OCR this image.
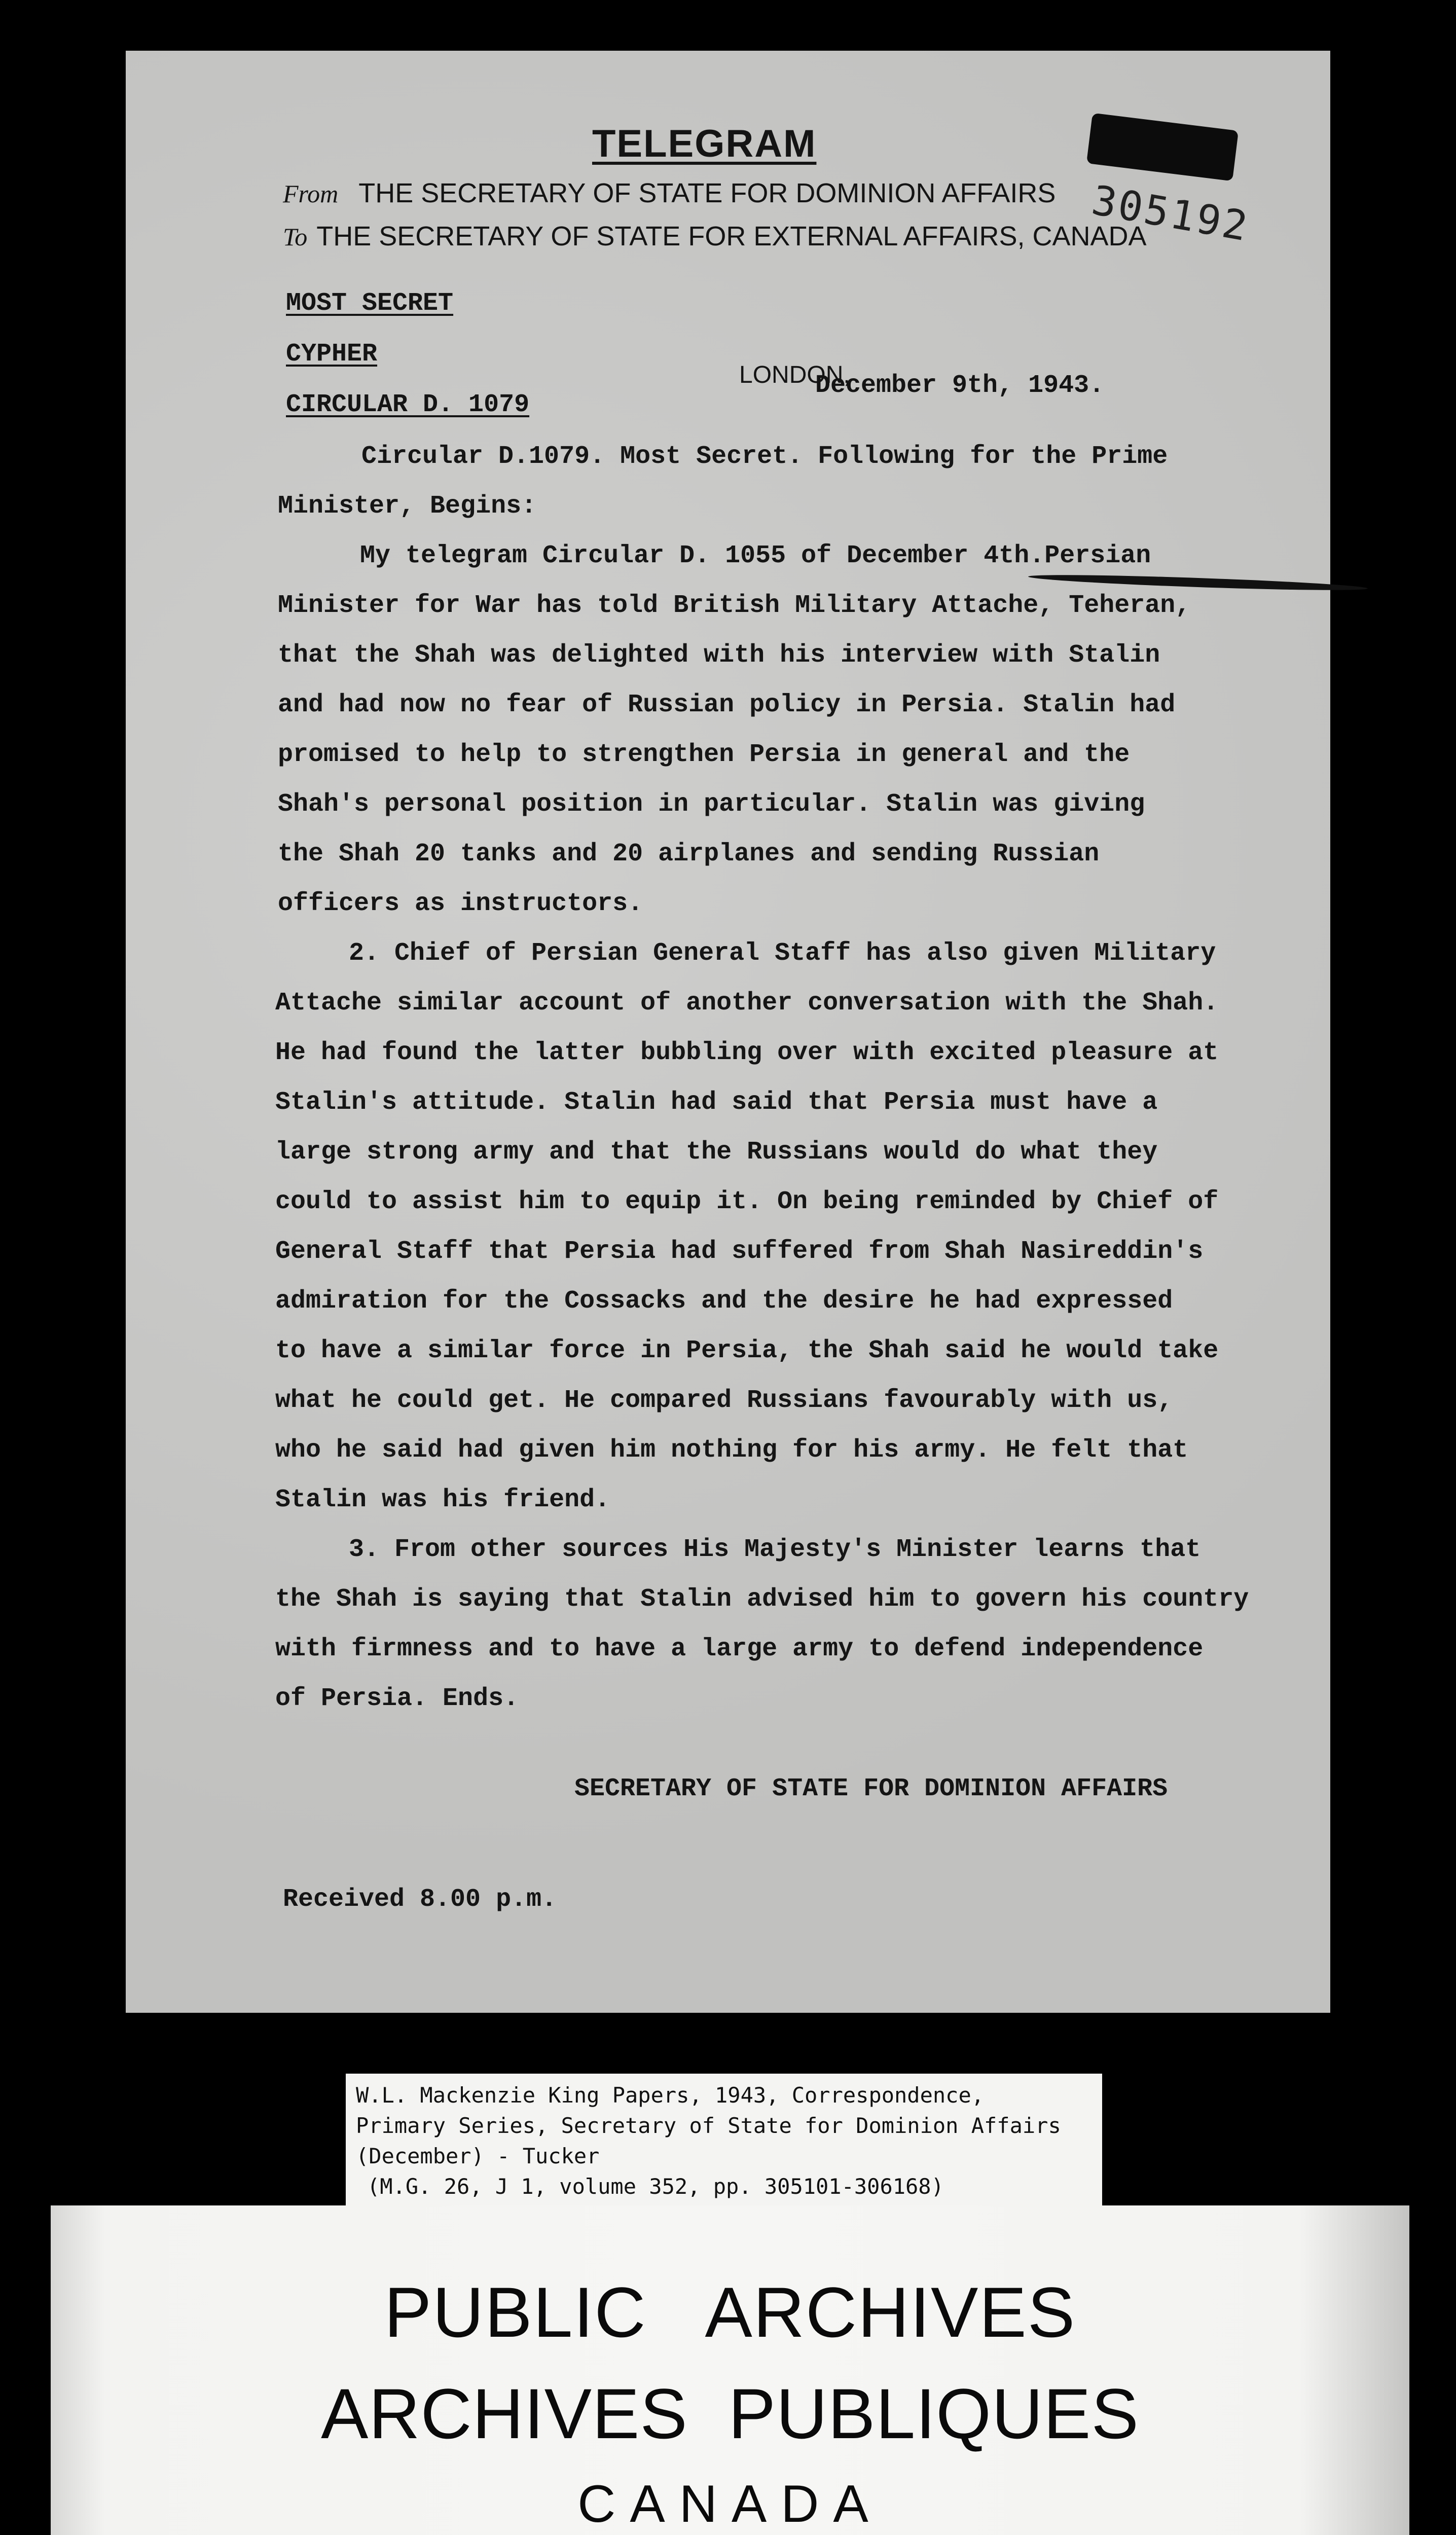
TELEGRAM
305192
From THE SECRETARY OF STATE FOR DOMINION AFFAIRS
To THE SECRETARY OF STATE FOR EXTERNAL AFFAIRS, CANADA
MOST SECRET
CYPHER
CIRCULAR D. 1079
LONDON,
December 9th, 1943.
Circular D.1079. Most Secret. Following for the Prime
Minister, Begins:
My telegram Circular D. 1055 of December 4th.Persian
Minister for War has told British Military Attache, Teheran,
that the Shah was delighted with his interview with Stalin
and had now no fear of Russian policy in Persia. Stalin had
promised to help to strengthen Persia in general and the
Shah's personal position in particular. Stalin was giving
the Shah 20 tanks and 20 airplanes and sending Russian
officers as instructors.
2. Chief of Persian General Staff has also given Military
Attache similar account of another conversation with the Shah.
He had found the latter bubbling over with excited pleasure at
Stalin's attitude. Stalin had said that Persia must have a
large strong army and that the Russians would do what they
could to assist him to equip it. On being reminded by Chief of
General Staff that Persia had suffered from Shah Nasireddin's
admiration for the Cossacks and the desire he had expressed
to have a similar force in Persia, the Shah said he would take
what he could get. He compared Russians favourably with us,
who he said had given him nothing for his army. He felt that
Stalin was his friend.
3. From other sources His Majesty's Minister learns that
the Shah is saying that Stalin advised him to govern his country
with firmness and to have a large army to defend independence
of Persia. Ends.
SECRETARY OF STATE FOR DOMINION AFFAIRS
Received 8.00 p.m.
W.L. Mackenzie King Papers, 1943, Correspondence,
Primary Series, Secretary of State for Dominion Affairs
(December) - Tucker
(M.G. 26, J 1, volume 352, pp. 305101-306168)
PUBLIC   ARCHIVES
ARCHIVES  PUBLIQUES
CANADA
